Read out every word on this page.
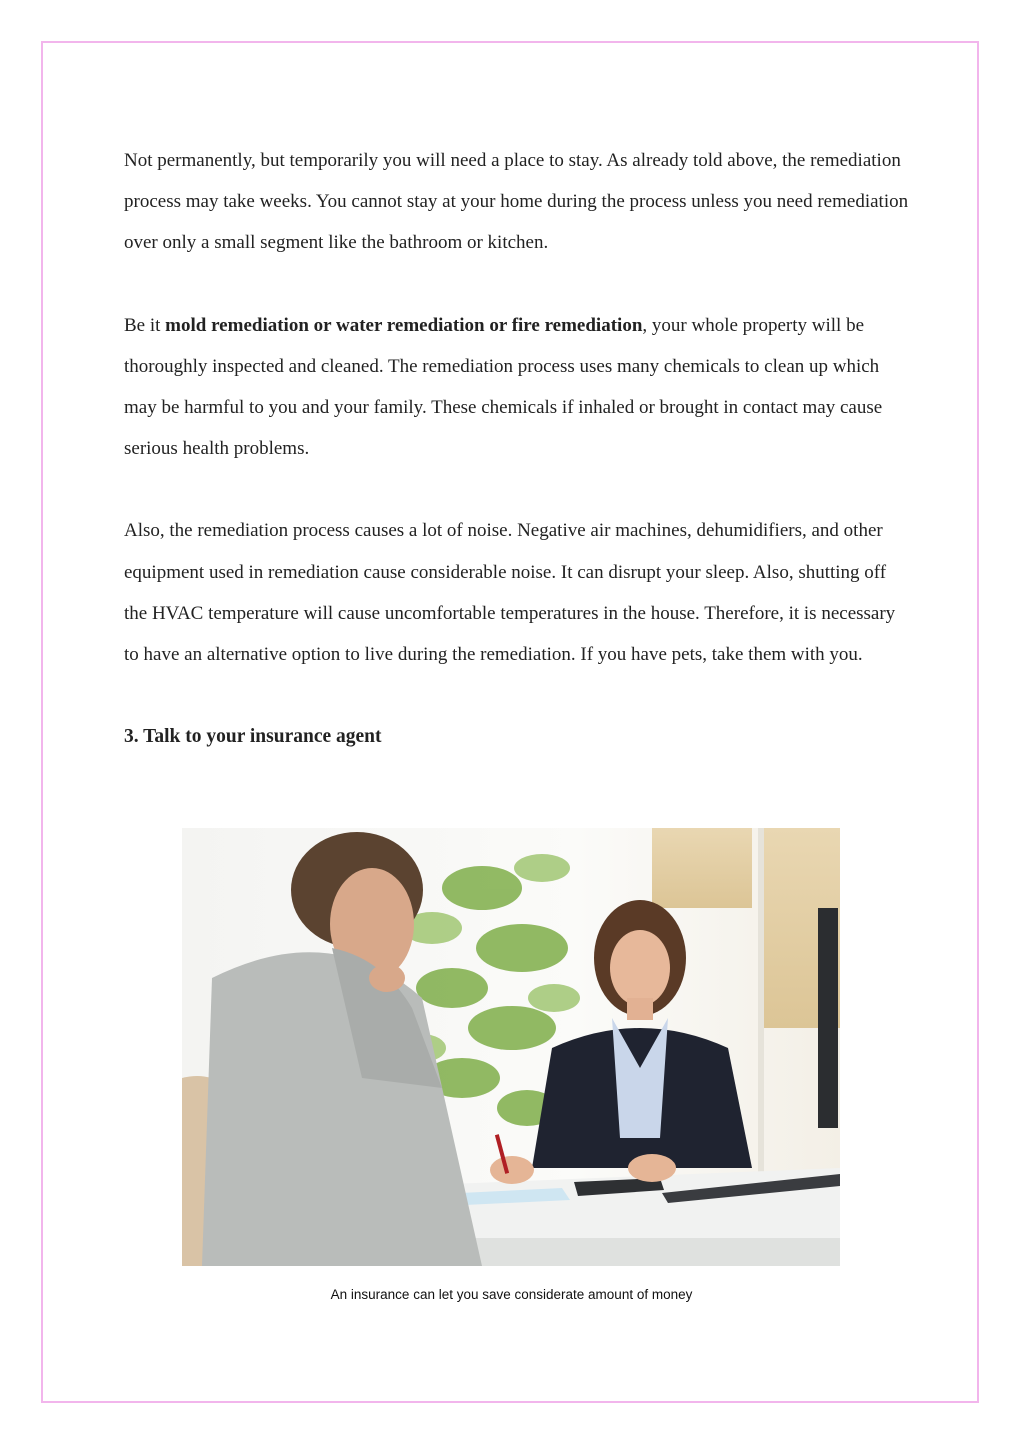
Not permanently, but temporarily you will need a place to stay. As already told above, the remediation process may take weeks. You cannot stay at your home during the process unless you need remediation over only a small segment like the bathroom or kitchen.

Be it mold remediation or water remediation or fire remediation, your whole property will be thoroughly inspected and cleaned. The remediation process uses many chemicals to clean up which may be harmful to you and your family. These chemicals if inhaled or brought in contact may cause serious health problems.

Also, the remediation process causes a lot of noise. Negative air machines, dehumidifiers, and other equipment used in remediation cause considerable noise. It can disrupt your sleep. Also, shutting off the HVAC temperature will cause uncomfortable temperatures in the house. Therefore, it is necessary to have an alternative option to live during the remediation. If you have pets, take them with you.

3. Talk to your insurance agent

An insurance can let you save considerate amount of money
